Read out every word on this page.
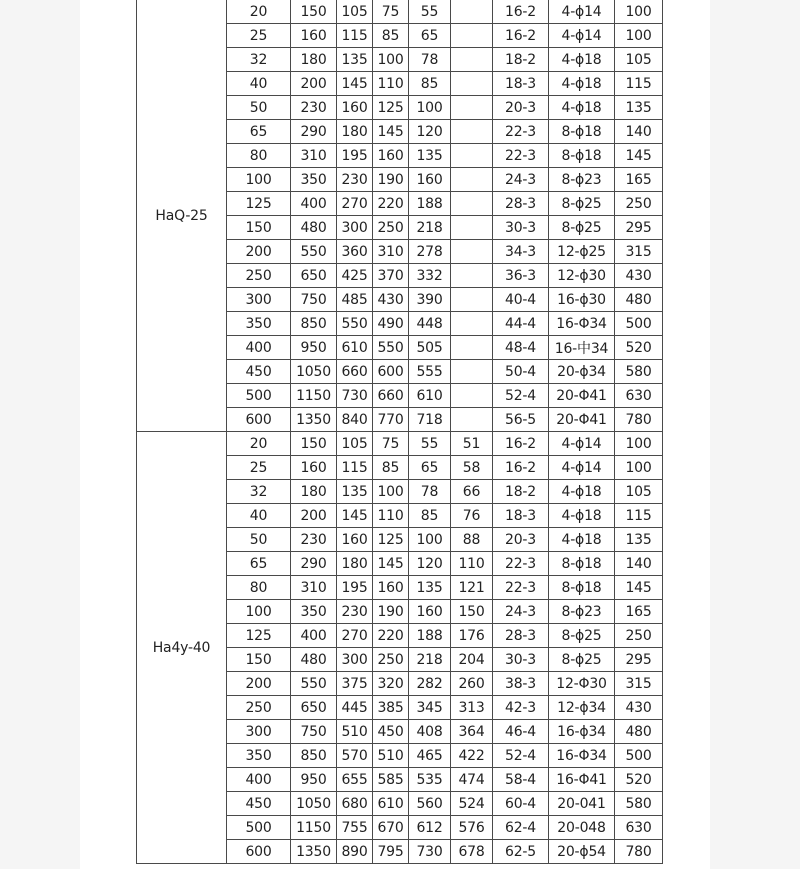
HaQ-25	20	150	105	75	55		16-2	4-ϕ14	100
	25	160	115	85	65		16-2	4-ϕ14	100
	32	180	135	100	78		18-2	4-ϕ18	105
	40	200	145	110	85		18-3	4-ϕ18	115
	50	230	160	125	100		20-3	4-ϕ18	135
	65	290	180	145	120		22-3	8-ϕ18	140
	80	310	195	160	135		22-3	8-ϕ18	145
	100	350	230	190	160		24-3	8-ϕ23	165
	125	400	270	220	188		28-3	8-ϕ25	250
	150	480	300	250	218		30-3	8-ϕ25	295
	200	550	360	310	278		34-3	12-ϕ25	315
	250	650	425	370	332		36-3	12-ϕ30	430
	300	750	485	430	390		40-4	16-ϕ30	480
	350	850	550	490	448		44-4	16-Φ34	500
	400	950	610	550	505		48-4	16-中34	520
	450	1050	660	600	555		50-4	20-ϕ34	580
	500	1150	730	660	610		52-4	20-Φ41	630
	600	1350	840	770	718		56-5	20-Φ41	780
Ha4y-40	20	150	105	75	55	51	16-2	4-ϕ14	100
	25	160	115	85	65	58	16-2	4-ϕ14	100
	32	180	135	100	78	66	18-2	4-ϕ18	105
	40	200	145	110	85	76	18-3	4-ϕ18	115
	50	230	160	125	100	88	20-3	4-ϕ18	135
	65	290	180	145	120	110	22-3	8-ϕ18	140
	80	310	195	160	135	121	22-3	8-ϕ18	145
	100	350	230	190	160	150	24-3	8-ϕ23	165
	125	400	270	220	188	176	28-3	8-ϕ25	250
	150	480	300	250	218	204	30-3	8-ϕ25	295
	200	550	375	320	282	260	38-3	12-Φ30	315
	250	650	445	385	345	313	42-3	12-ϕ34	430
	300	750	510	450	408	364	46-4	16-ϕ34	480
	350	850	570	510	465	422	52-4	16-Φ34	500
	400	950	655	585	535	474	58-4	16-Φ41	520
	450	1050	680	610	560	524	60-4	20-041	580
	500	1150	755	670	612	576	62-4	20-048	630
	600	1350	890	795	730	678	62-5	20-ϕ54	780
